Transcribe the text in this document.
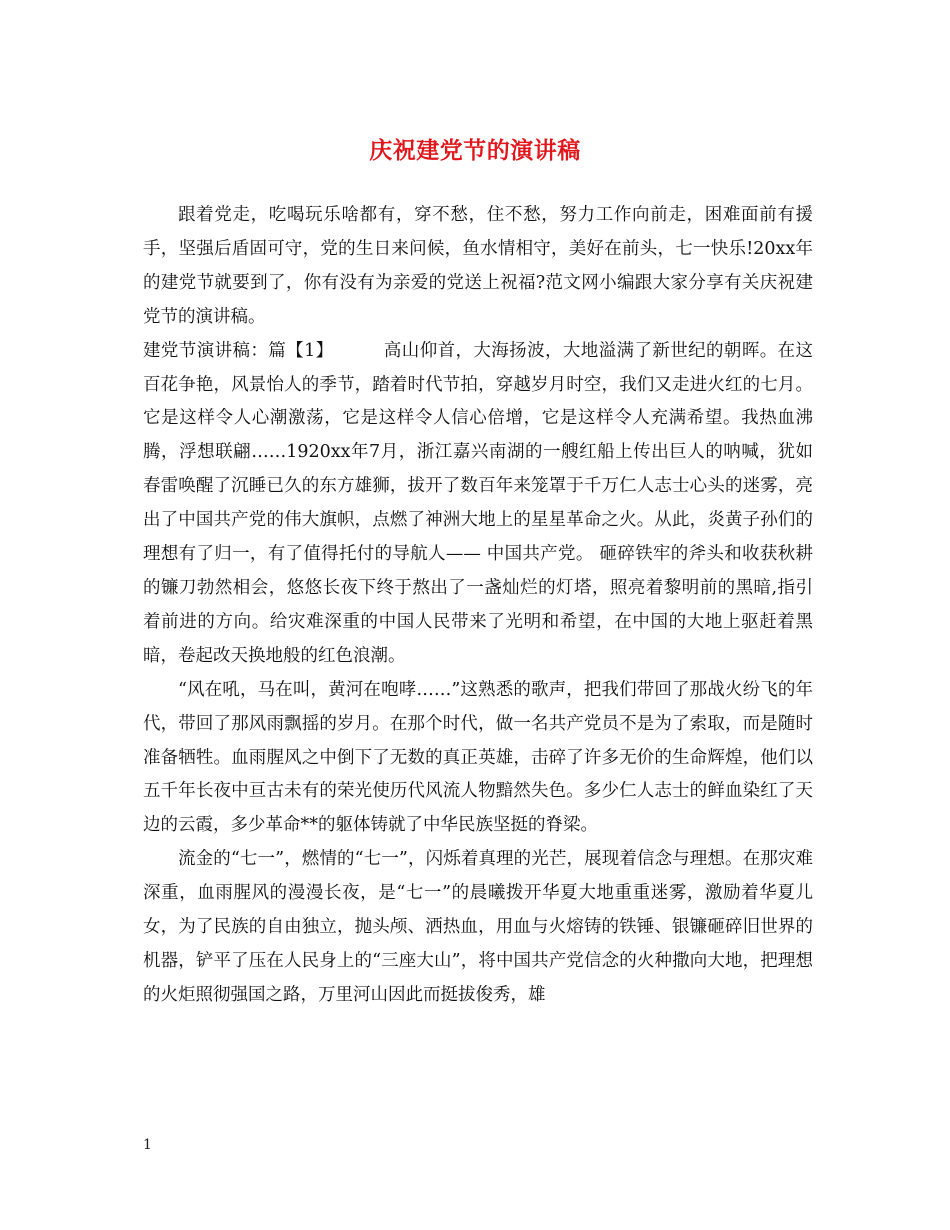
庆祝建党节的演讲稿

跟着党走，吃喝玩乐啥都有，穿不愁，住不愁，努力工作向前走，困难面前有援手，坚强后盾固可守，党的生日来问候，鱼水情相守，美好在前头，七一快乐!20xx年的建党节就要到了，你有没有为亲爱的党送上祝福?范文网小编跟大家分享有关庆祝建党节的演讲稿。

建党节演讲稿：篇【1】	高山仰首，大海扬波，大地溢满了新世纪的朝晖。在这百花争艳，风景怡人的季节，踏着时代节拍，穿越岁月时空，我们又走进火红的七月。它是这样令人心潮激荡，它是这样令人信心倍增，它是这样令人充满希望。我热血沸腾，浮想联翩……1920xx年7月，浙江嘉兴南湖的一艘红船上传出巨人的呐喊，犹如春雷唤醒了沉睡已久的东方雄狮，拔开了数百年来笼罩于千万仁人志士心头的迷雾，亮出了中国共产党的伟大旗帜，点燃了神洲大地上的星星革命之火。从此，炎黄子孙们的理想有了归一，有了值得托付的导航人—— 中国共产党。 砸碎铁牢的斧头和收获秋耕的镰刀勃然相会，悠悠长夜下终于熬出了一盏灿烂的灯塔，照亮着黎明前的黑暗,指引着前进的方向。给灾难深重的中国人民带来了光明和希望，在中国的大地上驱赶着黑暗，卷起改天换地般的红色浪潮。

“风在吼，马在叫，黄河在咆哮……”这熟悉的歌声，把我们带回了那战火纷飞的年代，带回了那风雨飘摇的岁月。在那个时代，做一名共产党员不是为了索取，而是随时准备牺牲。血雨腥风之中倒下了无数的真正英雄，击碎了许多无价的生命辉煌，他们以五千年长夜中亘古未有的荣光使历代风流人物黯然失色。多少仁人志士的鲜血染红了天边的云霞，多少革命**的躯体铸就了中华民族坚挺的脊梁。

流金的“七一”，燃情的“七一”，闪烁着真理的光芒，展现着信念与理想。在那灾难深重，血雨腥风的漫漫长夜，是“七一”的晨曦拨开华夏大地重重迷雾，激励着华夏儿女，为了民族的自由独立，抛头颅、洒热血，用血与火熔铸的铁锤、银镰砸碎旧世界的机器，铲平了压在人民身上的“三座大山”，将中国共产党信念的火种撒向大地，把理想的火炬照彻强国之路，万里河山因此而挺拔俊秀，雄

1
